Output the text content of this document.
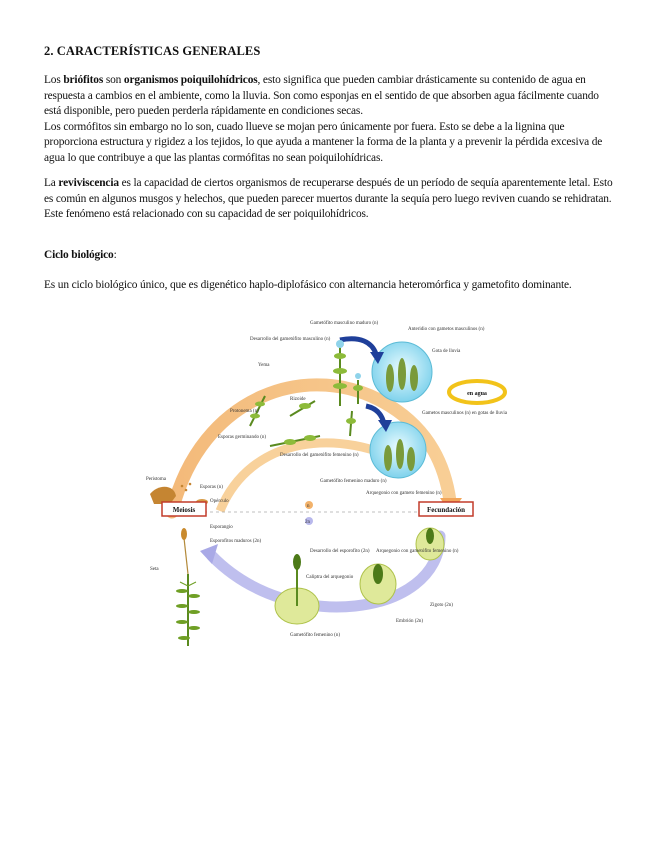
2. CARACTERÍSTICAS GENERALES

Los briófitos son organismos poiquilohídricos, esto significa que pueden cambiar drásticamente su contenido de agua en respuesta a cambios en el ambiente, como la lluvia. Son como esponjas en el sentido de que absorben agua fácilmente cuando está disponible, pero pueden perderla rápidamente en condiciones secas.
Los cormófitos sin embargo no lo son, cuado llueve se mojan pero únicamente por fuera. Esto se debe a la lignina que proporciona estructura y rigidez a los tejidos, lo que ayuda a mantener la forma de la planta y a prevenir la pérdida excesiva de agua lo que contribuye a que las plantas cormófitas no sean poiquilohídricas.

La reviviscencia es la capacidad de ciertos organismos de recuperarse después de un período de sequía aparentemente letal. Esto es común en algunos musgos y helechos, que pueden parecer muertos durante la sequía pero luego reviven cuando se rehidratan. Este fenómeno está relacionado con su capacidad de ser poiquilohídricos.

Ciclo biológico:

Es un ciclo biológico único, que es digenético haplo-diplofásico con alternancia heteromórfica y gametofito dominante.

n
2n
en agua
Meiosis	Fecundación
Gametófito masculino maduro (n)
Desarrollo del gametófito masculino (n)
Anteridio con gametos masculinos (n)
Gota de lluvia
Yema
Rizoide
Protonema (n)	Gametos masculinos (n) en gotas de lluvia
Esporas germinando (n)
Desarrollo del gametófito femenino (n)
Peristoma
Esporas (n)
Opérculo
Gametófito femenino maduro (n)
Arquegonio con gameto femenino (n)
Esporangio
Esporofitos maduros (2n)
Seta
Desarrollo del esporofito (2n)
Caliptra del arquegonio
Arquegonio con gametófito femenino (n)
Embrión (2n)
Zigoto (2n)
Gametófito femenino (n)
